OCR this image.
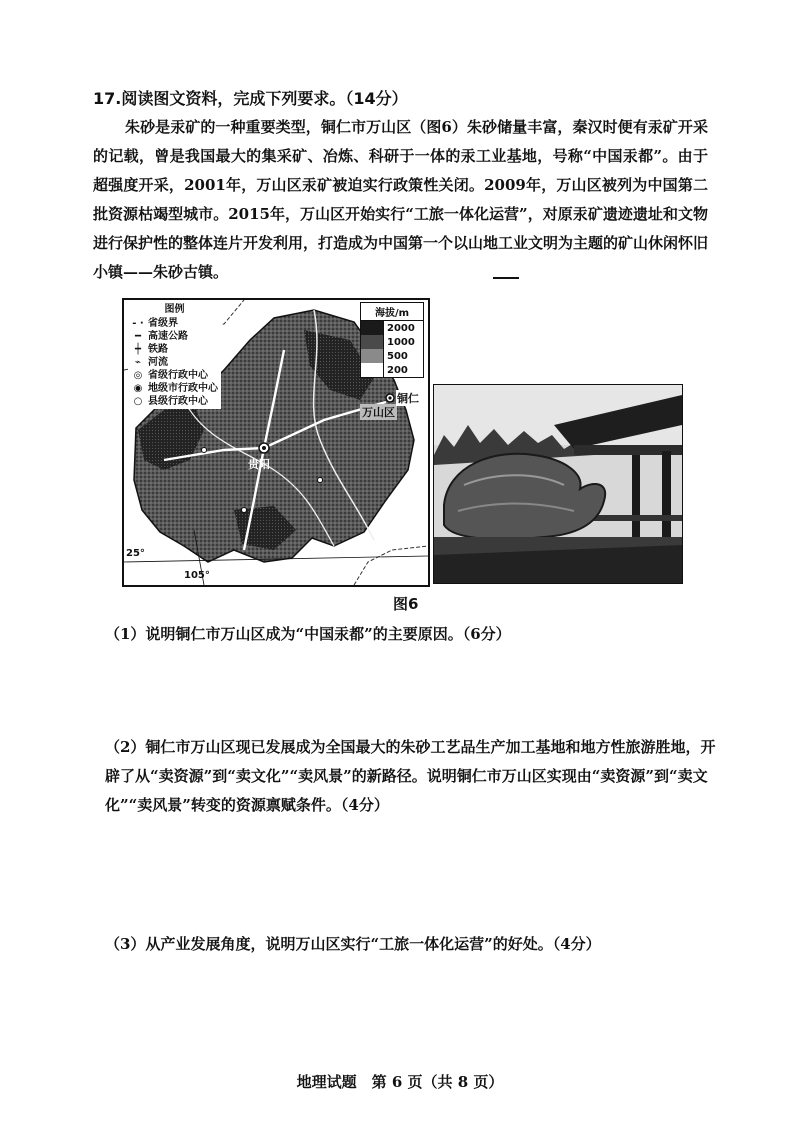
17.阅读图文资料，完成下列要求。（14分）
朱砂是汞矿的一种重要类型，铜仁市万山区（图6）朱砂储量丰富，秦汉时便有汞矿开采的记载，曾是我国最大的集采矿、冶炼、科研于一体的汞工业基地，号称“中国汞都”。由于超强度开采，2001年，万山区汞矿被迫实行政策性关闭。2009年，万山区被列为中国第二批资源枯竭型城市。2015年，万山区开始实行“工旅一体化运营”，对原汞矿遗迹遗址和文物进行保护性的整体连片开发利用，打造成为中国第一个以山地工业文明为主题的矿山休闲怀旧小镇——朱砂古镇。
图例
- · 省级界
━ 高速公路
┿ 铁路
⌁ 河流
◎ 省级行政中心
◉ 地级市行政中心
○ 县级行政中心
海拔/m
2000
1000
500
200
万山区
铜仁
贵阳
25°
105°
图6
（1）说明铜仁市万山区成为“中国汞都”的主要原因。（6分）
（2）铜仁市万山区现已发展成为全国最大的朱砂工艺品生产加工基地和地方性旅游胜地，开辟了从“卖资源”到“卖文化”“卖风景”的新路径。说明铜仁市万山区实现由“卖资源”到“卖文化”“卖风景”转变的资源禀赋条件。（4分）
（3）从产业发展角度，说明万山区实行“工旅一体化运营”的好处。（4分）
地理试题　第 6 页（共 8 页）
